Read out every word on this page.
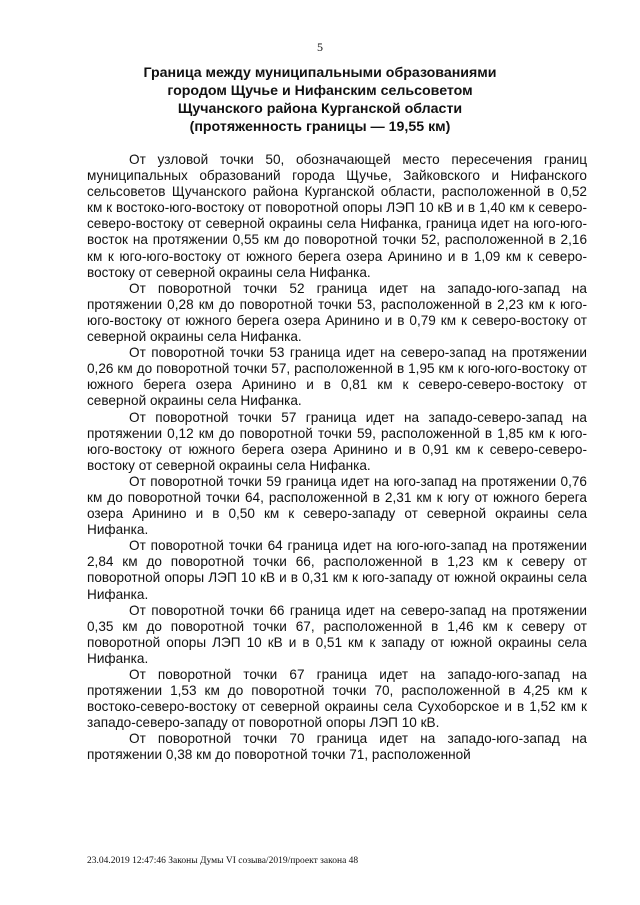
5
Граница между муниципальными образованиями
городом Щучье и Нифанским сельсоветом
Щучанского района Курганской области
(протяженность границы — 19,55 км)

От узловой точки 50, обозначающей место пересечения границ муниципальных образований города Щучье, Зайковского и Нифанского сельсоветов Щучанского района Курганской области, расположенной в 0,52 км к востоко-юго-востоку от поворотной опоры ЛЭП 10 кВ и в 1,40 км к северо-северо-востоку от северной окраины села Нифанка, граница идет на юго-юго-восток на протяжении 0,55 км до поворотной точки 52, расположенной в 2,16 км к юго-юго-востоку от южного берега озера Аринино и в 1,09 км к северо-востоку от северной окраины села Нифанка.

От поворотной точки 52 граница идет на западо-юго-запад на протяжении 0,28 км до поворотной точки 53, расположенной в 2,23 км к юго-юго-востоку от южного берега озера Аринино и в 0,79 км к северо-востоку от северной окраины села Нифанка.

От поворотной точки 53 граница идет на северо-запад на протяжении 0,26 км до поворотной точки 57, расположенной в 1,95 км к юго-юго-востоку от южного берега озера Аринино и в 0,81 км к северо-северо-востоку от северной окраины села Нифанка.

От поворотной точки 57 граница идет на западо-северо-запад на протяжении 0,12 км до поворотной точки 59, расположенной в 1,85 км к юго-юго-востоку от южного берега озера Аринино и в 0,91 км к северо-северо-востоку от северной окраины села Нифанка.

От поворотной точки 59 граница идет на юго-запад на протяжении 0,76 км до поворотной точки 64, расположенной в 2,31 км к югу от южного берега озера Аринино и в 0,50 км к северо-западу от северной окраины села Нифанка.

От поворотной точки 64 граница идет на юго-юго-запад на протяжении 2,84 км до поворотной точки 66, расположенной в 1,23 км к северу от поворотной опоры ЛЭП 10 кВ и в 0,31 км к юго-западу от южной окраины села Нифанка.

От поворотной точки 66 граница идет на северо-запад на протяжении 0,35 км до поворотной точки 67, расположенной в 1,46 км к северу от поворотной опоры ЛЭП 10 кВ и в 0,51 км к западу от южной окраины села Нифанка.

От поворотной точки 67 граница идет на западо-юго-запад на протяжении 1,53 км до поворотной точки 70, расположенной в 4,25 км к востоко-северо-востоку от северной окраины села Сухоборское и в 1,52 км к западо-северо-западу от поворотной опоры ЛЭП 10 кВ.

От поворотной точки 70 граница идет на западо-юго-запад на протяжении 0,38 км до поворотной точки 71, расположенной

23.04.2019 12:47:46 Законы Думы VI созыва/2019/проект закона 48
